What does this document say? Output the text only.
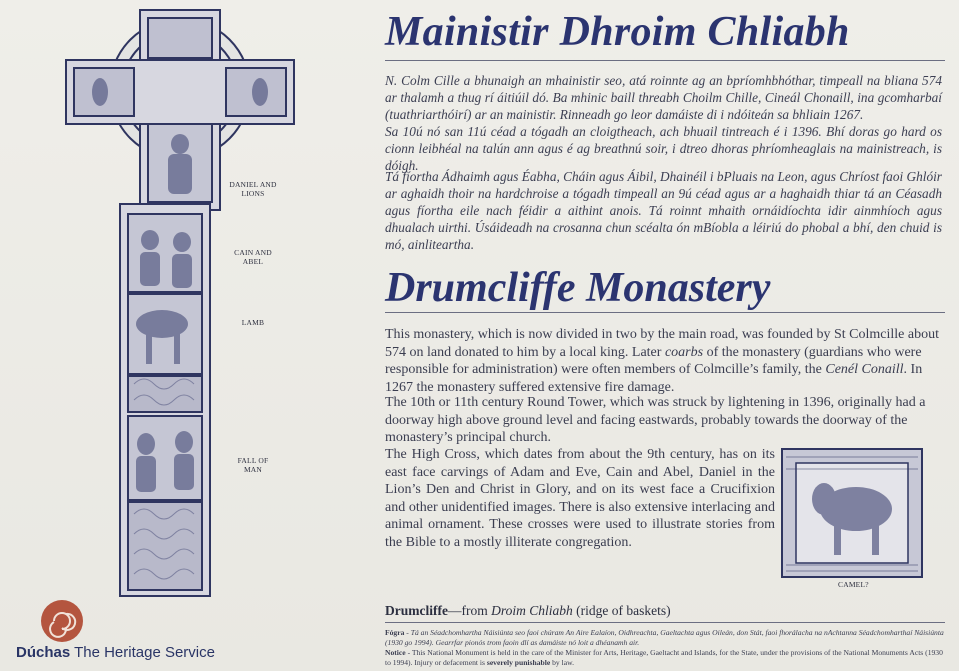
DANIEL AND LIONS
CAIN AND ABEL
LAMB
FALL OF MAN
Dúchas The Heritage Service
Mainistir Dhroim Chliabh

N. Colm Cille a bhunaigh an mhainistir seo, atá roinnte ag an bpríomhbhóthar, timpeall na bliana 574 ar thalamh a thug rí áitiúil dó. Ba mhinic baill threabh Choilm Chille, Cineál Chonaill, ina gcomharbaí (tuathriarthóirí) ar an mainistir. Rinneadh go leor damáiste di i ndóiteán sa bhliain 1267.

Sa 10ú nó san 11ú céad a tógadh an cloigtheach, ach bhuail tintreach é i 1396. Bhí doras go hard os cionn leibhéal na talún ann agus é ag breathnú soir, i dtreo dhoras phríomheaglais na mainistreach, is dóigh.

Tá fíortha Ádhaimh agus Éabha, Cháin agus Áibil, Dhainéil i bPluais na Leon, agus Chríost faoi Ghlóir ar aghaidh thoir na hardchroise a tógadh timpeall an 9ú céad agus ar a haghaidh thiar tá an Céasadh agus fíortha eile nach féidir a aithint anois. Tá roinnt mhaith ornáidíochta idir ainmhíoch agus dhualach uirthi. Úsáideadh na crosanna chun scéalta ón mBíobla a léiriú do phobal a bhí, den chuid is mó, ainliteartha.

Drumcliffe Monastery

This monastery, which is now divided in two by the main road, was founded by St Colmcille about 574 on land donated to him by a local king. Later coarbs of the monastery (guardians who were responsible for administration) were often members of Colmcille’s family, the Cenél Conaill. In 1267 the monastery suffered extensive fire damage.

The 10th or 11th century Round Tower, which was struck by lightening in 1396, originally had a doorway high above ground level and facing eastwards, probably towards the doorway of the monastery’s principal church.

The High Cross, which dates from about the 9th century, has on its east face carvings of Adam and Eve, Cain and Abel, Daniel in the Lion’s Den and Christ in Glory, and on its west face a Crucifixion and other unidentified images. There is also extensive interlacing and animal ornament. These crosses were used to illustrate stories from the Bible to a mostly illiterate congregation.

CAMEL?
Drumcliffe—from Droim Chliabh (ridge of baskets)

Fógra - Tá an Séadchomhartha Náisiúnta seo faoi chúram An Aire Ealaíon, Oidhreachta, Gaeltachta agus Oileán, don Stát, faoi fhorálacha na nAchtanna Séadchomharthaí Náisiúnta (1930 go 1994). Gearrfar pionós trom faoin dlí as damáiste nó loit a dhéanamh air.

Notice - This National Monument is held in the care of the Minister for Arts, Heritage, Gaeltacht and Islands, for the State, under the provisions of the National Monuments Acts (1930 to 1994). Injury or defacement is severely punishable by law.
